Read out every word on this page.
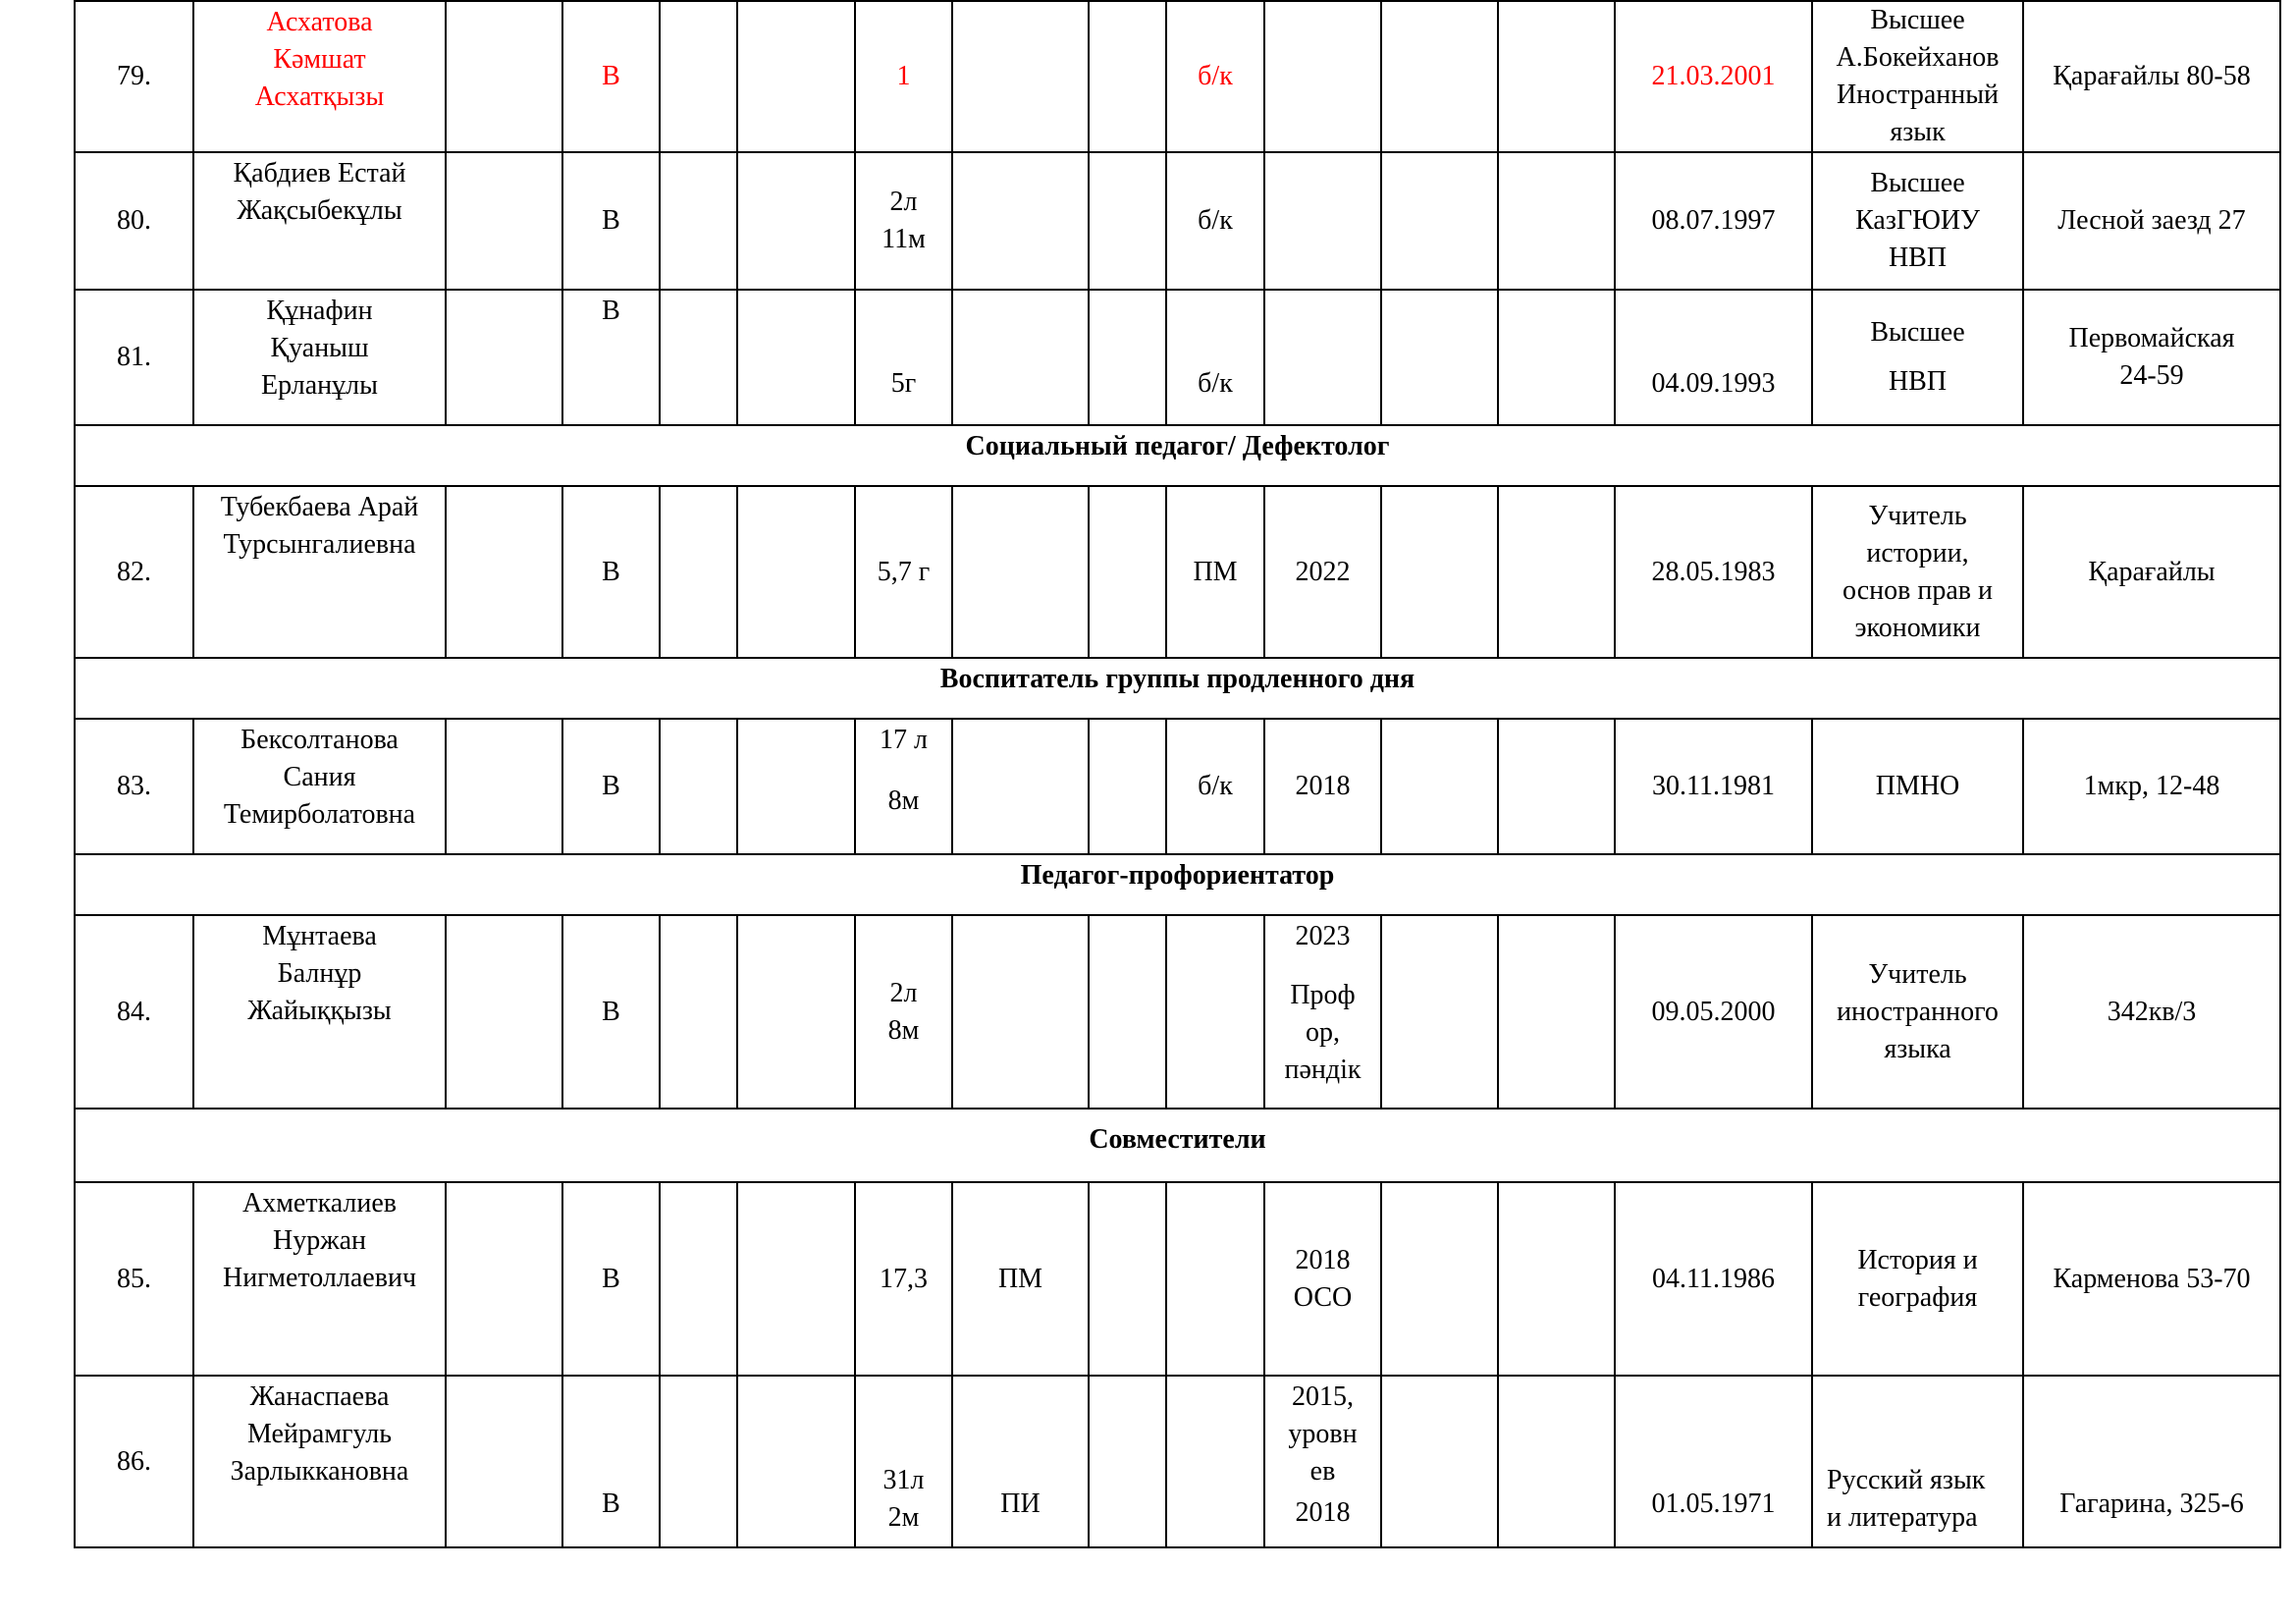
79.	Асхатова
Кәмшат
Асхатқызы		В			1			б/к				21.03.2001	Высшее
А.Бокейханов
Иностранный
язык	Қарағайлы 80-58

80.	Қабдиев Естай
Жақсыбекұлы		В			2л
11м			б/к				08.07.1997	Высшее
КазГЮИУ
НВП	Лесной заезд 27

81.	Құнафин
Қуаныш
Ерланұлы		В			5г			б/к				04.09.1993	Высшее
НВП	Первомайская
24-59

Социальный педагог/ Дефектолог															
82.	Тубекбаева Арай
Турсынгалиевна		В			5,7 г			ПМ	2022			28.05.1983	Учитель
истории,
основ прав и
экономики	Қарағайлы

Воспитатель группы продленного дня															
83.	Бексолтанова
Сания
Темирболатовна		В			17 л
8м			б/к	2018			30.11.1981	ПМНО	1мкр, 12-48

Педагог-профориентатор															
84.	Мұнтаева
Балнұр
Жайыққызы		В			2л
8м				2023
Проф
ор,
пәндік			09.05.2000	Учитель
иностранного
языка	342кв/3

Совместители															
85.	Ахметкалиев
Нуржан
Нигметоллаевич		В			17,3	ПМ			2018
ОСО			04.11.1986	История и
география	Карменова 53-70

86.	Жанаспаева
Мейрамгуль
Зарлыккановна		В			31л
2м	ПИ			2015,
уровн
ев
2018			01.05.1971	Русский язык
и литература	Гагарина, 325-6
